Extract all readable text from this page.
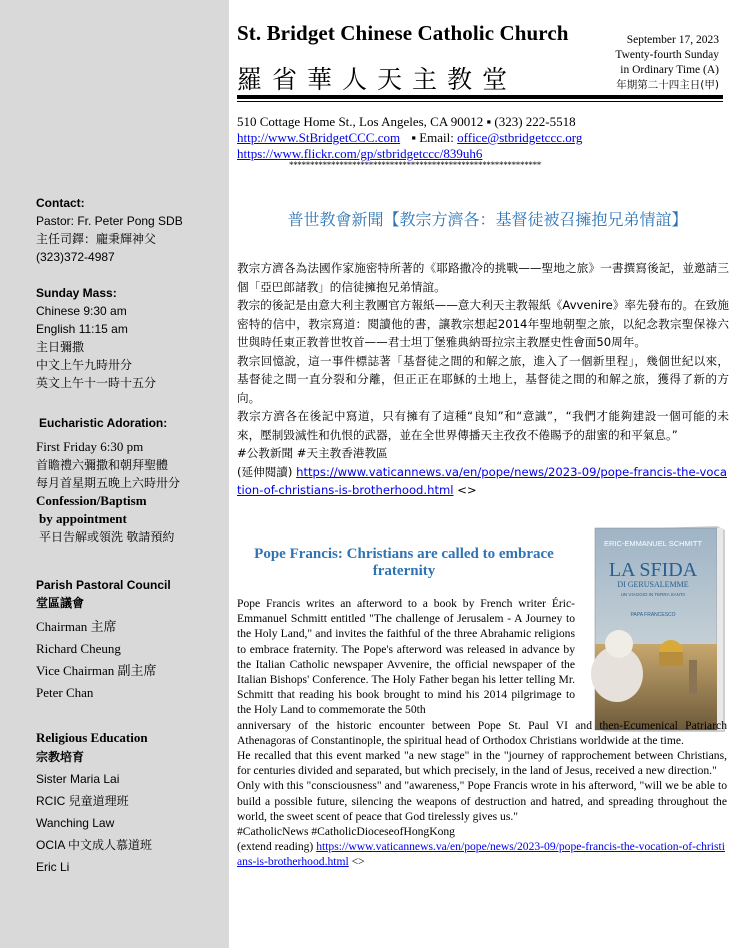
Contact:
Pastor: Fr. Peter Pong SDB
主任司鐸：龐秉輝神父
(323)372-4987
Sunday Mass:
Chinese 9:30 am
English 11:15 am
主日彌撒
中文上午九時卅分
英文上午十一時十五分
Eucharistic Adoration:
First Friday 6:30 pm
首瞻禮六彌撒和朝拜聖體
每月首星期五晚上六時卅分
Confession/Baptism
by appointment
平日告解或領洗 敬請預約
Parish Pastoral Council
堂區議會
Chairman 主席
Richard Cheung
Vice Chairman 副主席
Peter Chan
Religious Education
宗教培育
Sister Maria Lai
RCIC 兒童道理班
Wanching Law
OCIA 中文成人慕道班
Eric Li
St. Bridget Chinese Catholic Church
羅省華人天主教堂
September 17, 2023
Twenty-fourth Sunday
in Ordinary Time (A)
年期第二十四主日(甲)
510 Cottage Home St., Los Angeles, CA 90012 ▪ (323) 222-5518
http://www.StBridgetCCC.com ▪ Email: office@stbridgetccc.org
https://www.flickr.com/gp/stbridgetccc/839uh6
************************************************************
普世教會新聞【教宗方濟各：基督徒被召擁抱兄弟情誼】

教宗方濟各為法國作家施密特所著的《耶路撒冷的挑戰——聖地之旅》一書撰寫後記，並邀請三個「亞巴郎諸教」的信徒擁抱兄弟情誼。

教宗的後記是由意大利主教團官方報紙——意大利天主教報紙《Avvenire》率先發布的。在致施密特的信中，教宗寫道：閱讀他的書，讓教宗想起2014年聖地朝聖之旅，以紀念教宗聖保祿六世與時任東正教普世牧首——君士坦丁堡雅典納哥拉宗主教歷史性會面50周年。

教宗回憶說，這一事件標誌著「基督徒之間的和解之旅，進入了一個新里程」，幾個世紀以來，基督徒之間一直分裂和分離，但正正在耶穌的土地上，基督徒之間的和解之旅，獲得了新的方向。

教宗方濟各在後記中寫道，只有擁有了這種“良知”和“意識”，“我們才能夠建設一個可能的未來，壓制毀滅性和仇恨的武器，並在全世界傳播天主孜孜不倦賜予的甜蜜的和平氣息。”

#公教新聞 #天主教香港教區

(延伸閱讀) https://www.vaticannews.va/en/pope/news/2023-09/pope-francis-the-vocation-of-christians-is-brotherhood.html <>

Pope Francis: Christians are called to embrace fraternity
ERIC-EMMANUEL SCHMITT
LA SFIDA
DI GERUSALEMME
UN VIAGGIO IN TERRA SANTA
PAPA FRANCESCO

Pope Francis writes an afterword to a book by French writer Éric-Emmanuel Schmitt entitled "The challenge of Jerusalem - A Journey to the Holy Land," and invites the faithful of the three Abrahamic religions to embrace fraternity. The Pope's afterword was released in advance by the Italian Catholic newspaper Avvenire, the official newspaper of the Italian Bishops' Conference. The Holy Father began his letter telling Mr. Schmitt that reading his book brought to mind his 2014 pilgrimage to the Holy Land to commemorate the 50th

anniversary of the historic encounter between Pope St. Paul VI and then-Ecumenical Patriarch Athenagoras of Constantinople, the spiritual head of Orthodox Christians worldwide at the time.

He recalled that this event marked "a new stage" in the "journey of rapprochement between Christians, for centuries divided and separated, but which precisely, in the land of Jesus, received a new direction."

Only with this "consciousness" and "awareness," Pope Francis wrote in his afterword, "will we be able to build a possible future, silencing the weapons of destruction and hatred, and spreading throughout the world, the sweet scent of peace that God tirelessly gives us."

#CatholicNews #CatholicDioceseofHongKong

(extend reading) https://www.vaticannews.va/en/pope/news/2023-09/pope-francis-the-vocation-of-christians-is-brotherhood.html <>
